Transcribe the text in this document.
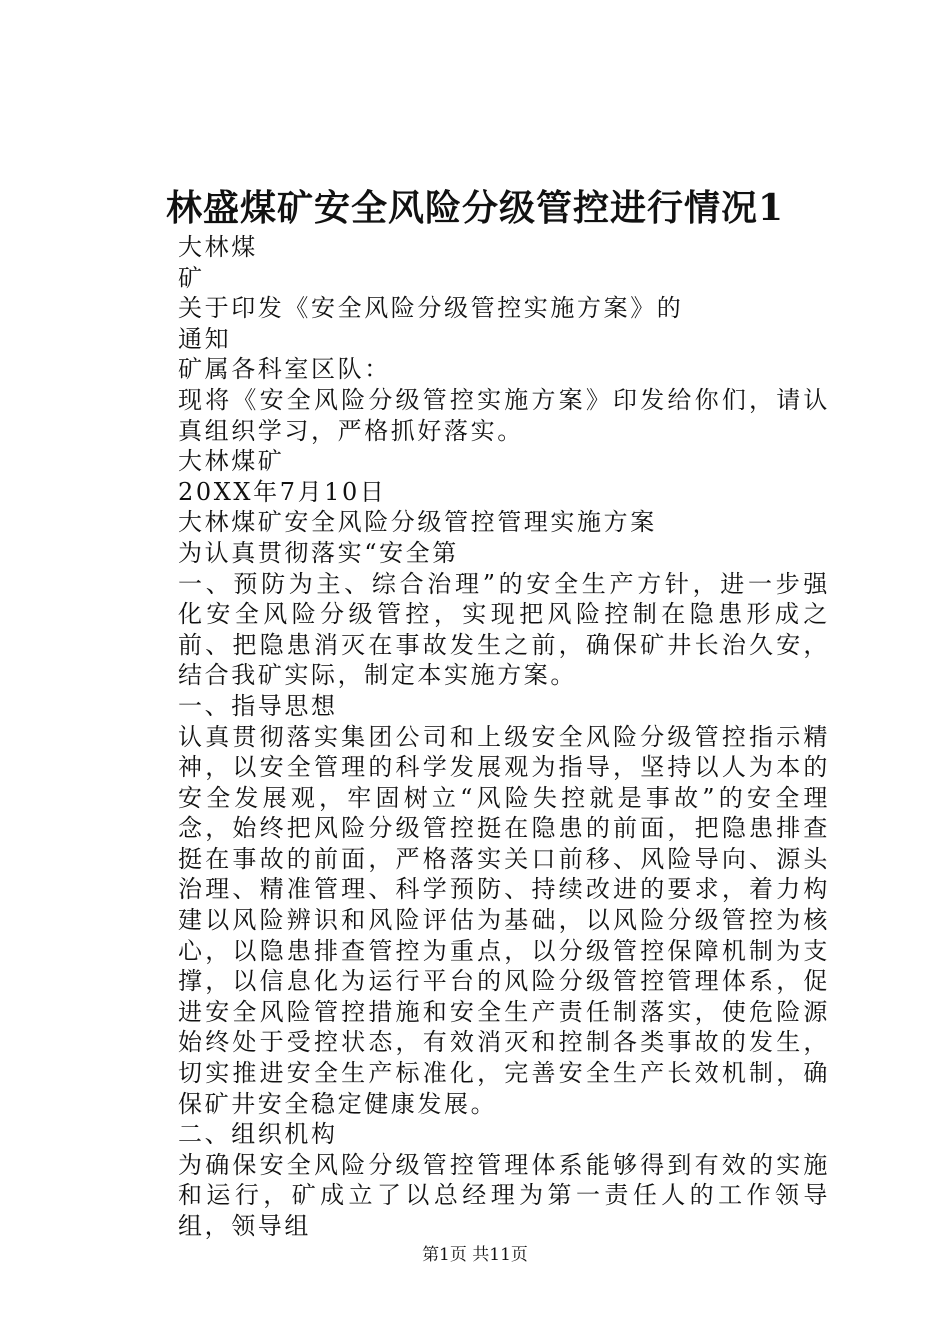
林盛煤矿安全风险分级管控进行情况1

大林煤

矿

关于印发《安全风险分级管控实施方案》的

通知

矿属各科室区队：

现将《安全风险分级管控实施方案》印发给你们，请认真组织学习，严格抓好落实。

大林煤矿

20XX年7月10日

大林煤矿安全风险分级管控管理实施方案

为认真贯彻落实“安全第

一、预防为主、综合治理”的安全生产方针，进一步强化安全风险分级管控，实现把风险控制在隐患形成之前、把隐患消灭在事故发生之前，确保矿井长治久安，结合我矿实际，制定本实施方案。

一、指导思想

认真贯彻落实集团公司和上级安全风险分级管控指示精神，以安全管理的科学发展观为指导，坚持以人为本的安全发展观，牢固树立“风险失控就是事故”的安全理念，始终把风险分级管控挺在隐患的前面，把隐患排查挺在事故的前面，严格落实关口前移、风险导向、源头治理、精准管理、科学预防、持续改进的要求，着力构建以风险辨识和风险评估为基础，以风险分级管控为核心，以隐患排查管控为重点，以分级管控保障机制为支撑，以信息化为运行平台的风险分级管控管理体系，促进安全风险管控措施和安全生产责任制落实，使危险源始终处于受控状态，有效消灭和控制各类事故的发生，切实推进安全生产标准化，完善安全生产长效机制，确保矿井安全稳定健康发展。

二、组织机构

为确保安全风险分级管控管理体系能够得到有效的实施和运行，矿成立了以总经理为第一责任人的工作领导组，领导组

第1页 共11页
